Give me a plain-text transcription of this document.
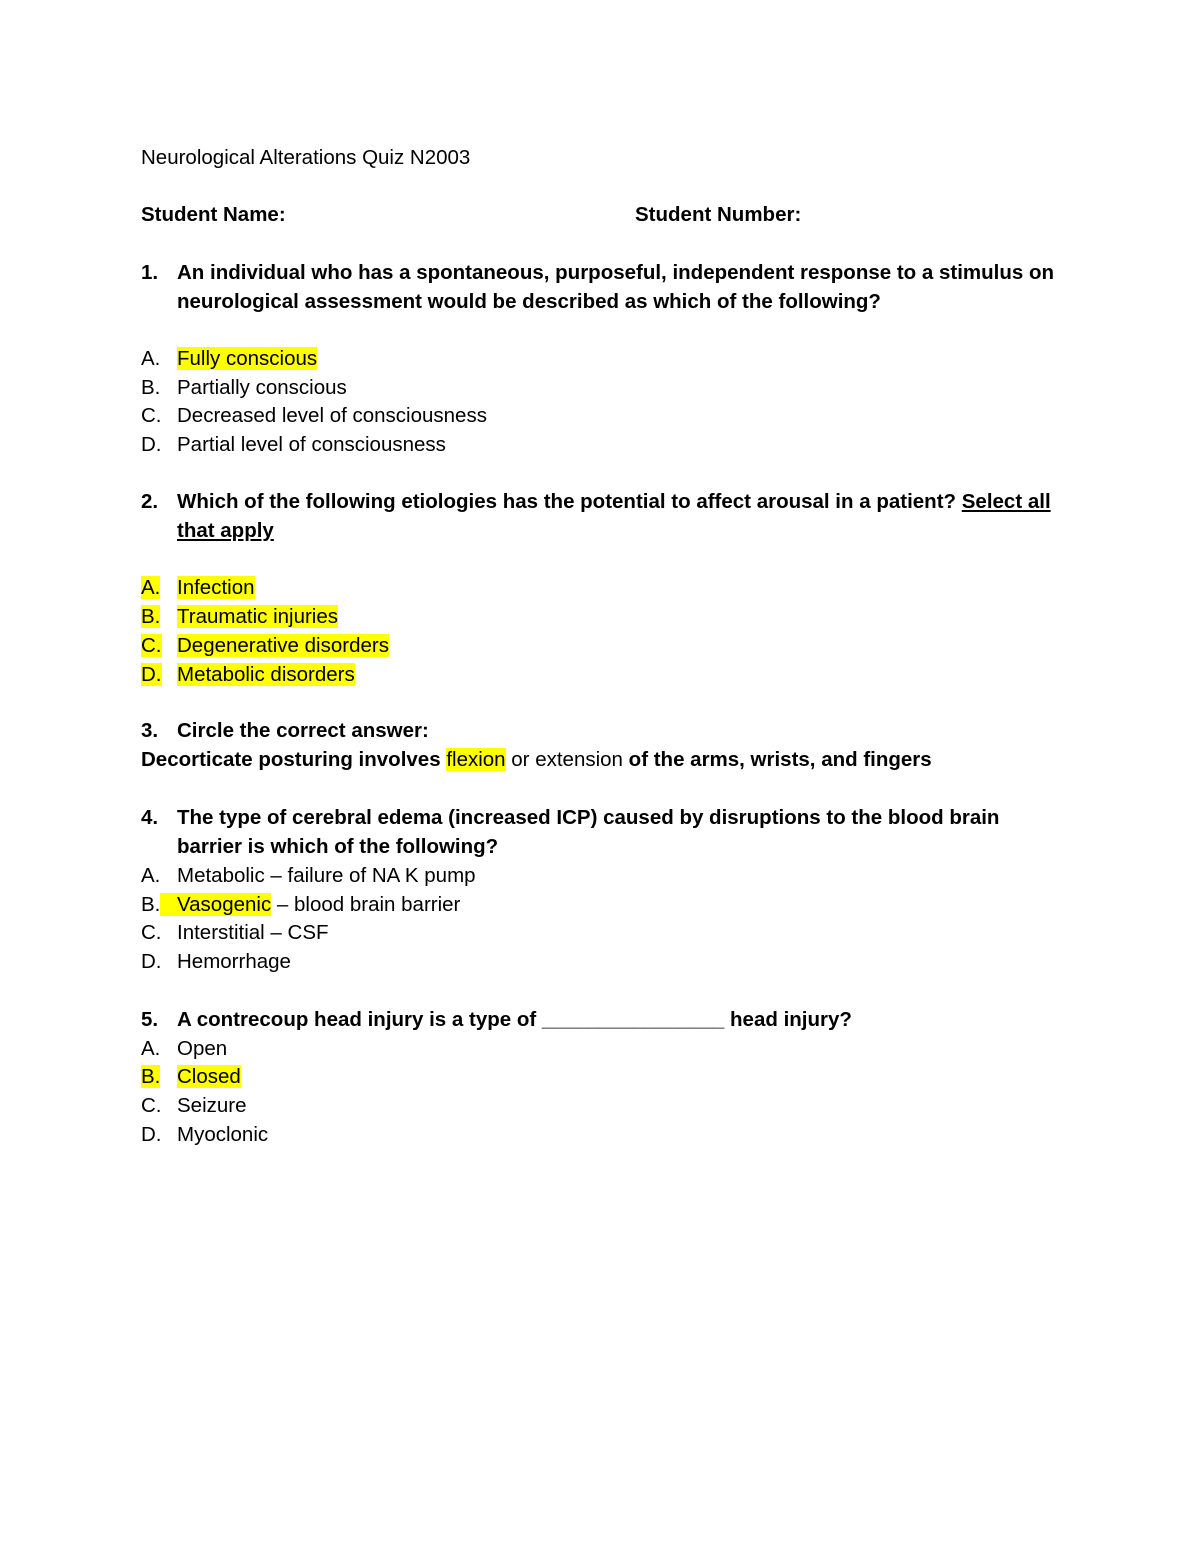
Neurological Alterations Quiz N2003
Student Name:	Student Number:
1. An individual who has a spontaneous, purposeful, independent response to a stimulus on
neurological assessment would be described as which of the following?
A. Fully conscious
B. Partially conscious
C. Decreased level of consciousness
D. Partial level of consciousness
2. Which of the following etiologies has the potential to affect arousal in a patient? Select all
that apply
A. Infection
B. Traumatic injuries
C. Degenerative disorders
D. Metabolic disorders
3. Circle the correct answer:
Decorticate posturing involves flexion or extension of the arms, wrists, and fingers
4. The type of cerebral edema (increased ICP) caused by disruptions to the blood brain
barrier is which of the following?
A. Metabolic – failure of NA K pump
B. Vasogenic – blood brain barrier
C. Interstitial – CSF
D. Hemorrhage
5. A contrecoup head injury is a type of ________________ head injury?
A. Open
B. Closed
C. Seizure
D. Myoclonic
